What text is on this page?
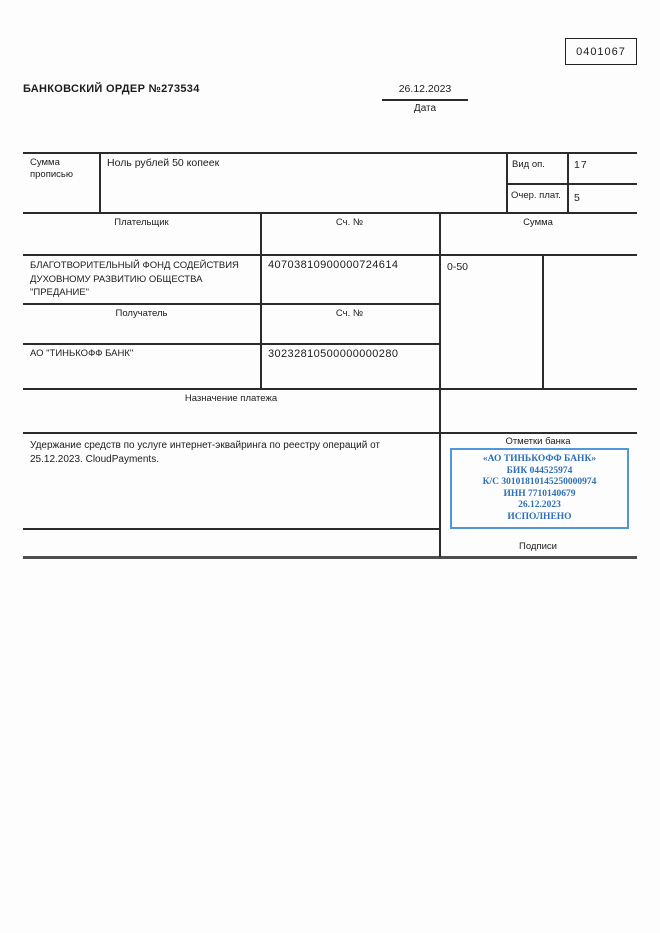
0401067
БАНКОВСКИЙ ОРДЕР №273534	26.12.2023
Дата
Сумма прописью
Ноль рублей 50 копеек	Вид оп.	17
Очер. плат. 5
Плательщик	Сч. №	Сумма
БЛАГОТВОРИТЕЛЬНЫЙ ФОНД СОДЕЙСТВИЯ ДУХОВНОМУ РАЗВИТИЮ ОБЩЕСТВА "ПРЕДАНИЕ"
40703810900000724614	0-50
Получатель	Сч. №
АО "ТИНЬКОФФ БАНК"	30232810500000000280
Назначение платежа
Удержание средств по услуге интернет-эквайринга по реестру операций от 25.12.2023. CloudPayments.
Отметки банка
«АО ТИНЬКОФФ БАНК»
БИК 044525974
К/С 30101810145250000974
ИНН 7710140679
26.12.2023
ИСПОЛНЕНО
Подписи
